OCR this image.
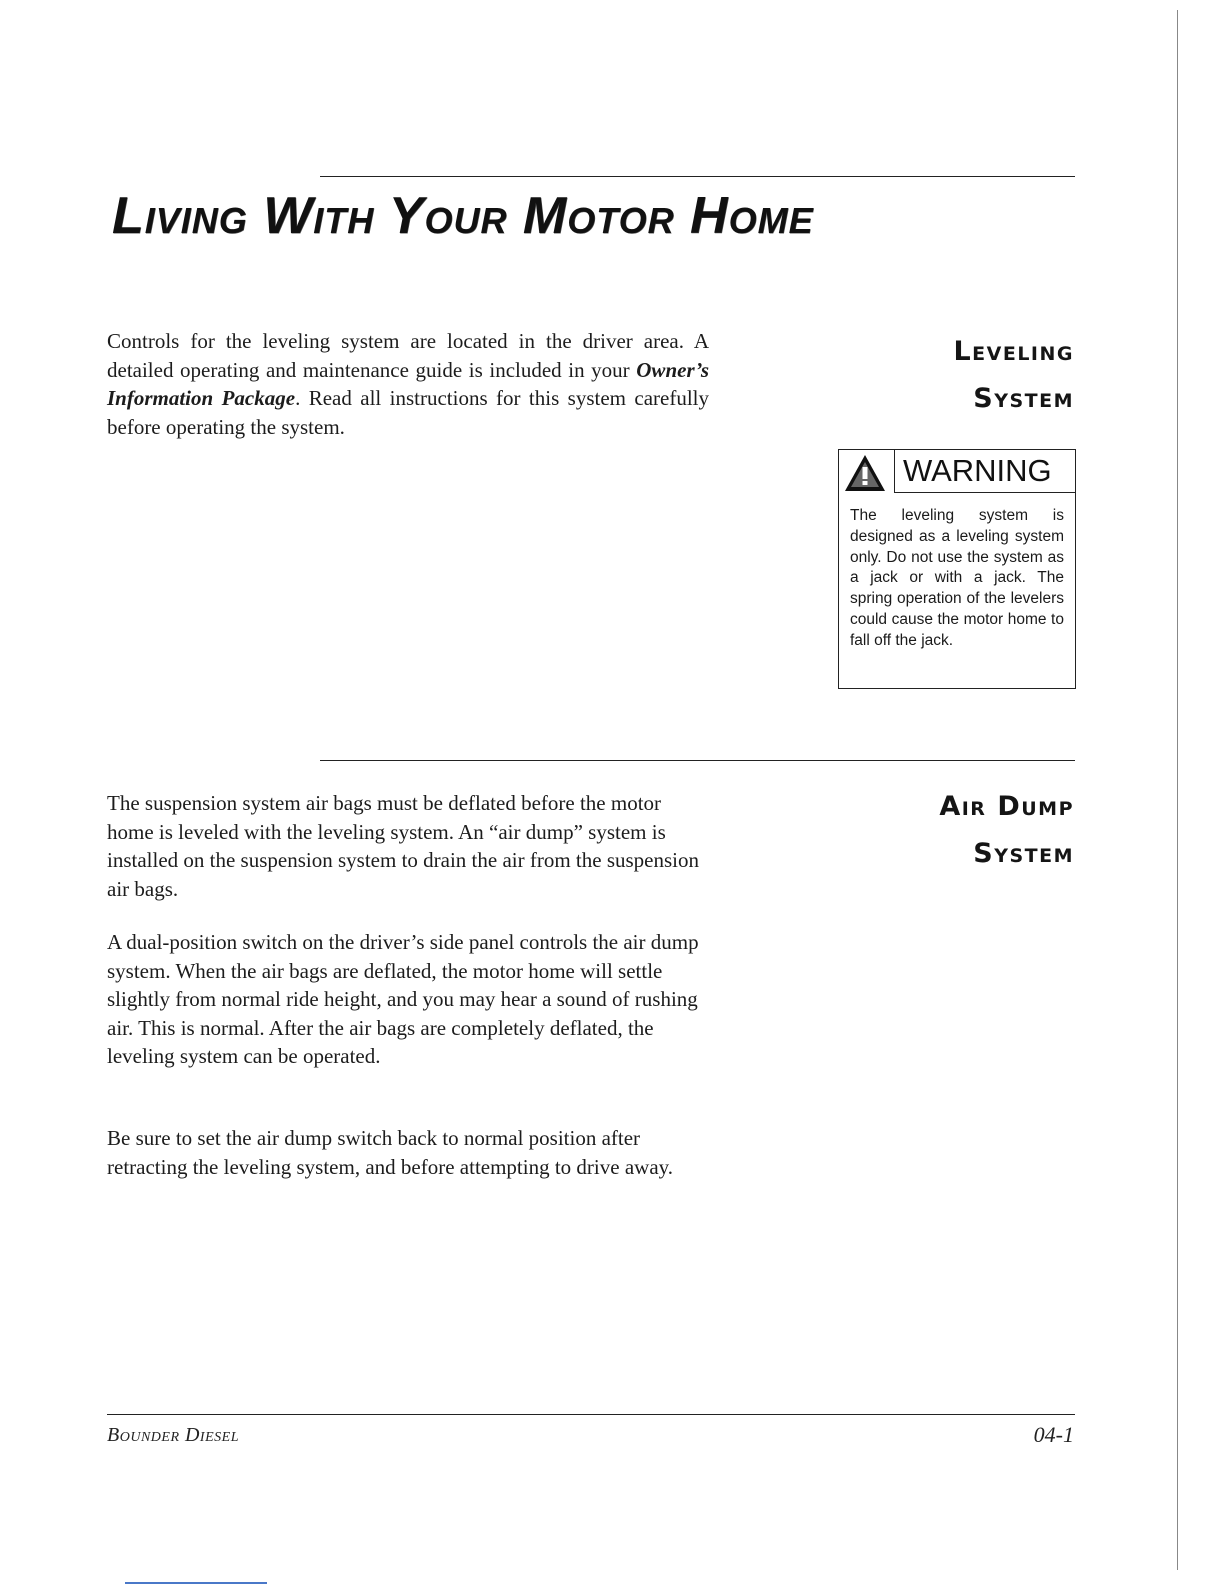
Living With Your Motor Home

Controls for the leveling system are located in the driver area. A detailed operating and maintenance guide is included in your Owner’s Information Package. Read all instructions for this system carefully before operating the system.

Leveling
System
WARNING

The leveling system is designed as a leveling system only. Do not use the system as a jack or with a jack. The spring operation of the levelers could cause the motor home to fall off the jack.

The suspension system air bags must be deflated before the motor home is leveled with the leveling system. An “air dump” system is installed on the suspension system to drain the air from the suspension air bags.

A dual-position switch on the driver’s side panel controls the air dump system. When the air bags are deflated, the motor home will settle slightly from normal ride height, and you may hear a sound of rushing air. This is normal. After the air bags are completely deflated, the leveling system can be operated.

Be sure to set the air dump switch back to normal position after retracting the leveling system, and before attempting to drive away.

Air Dump
System
Bounder Diesel	04-1
